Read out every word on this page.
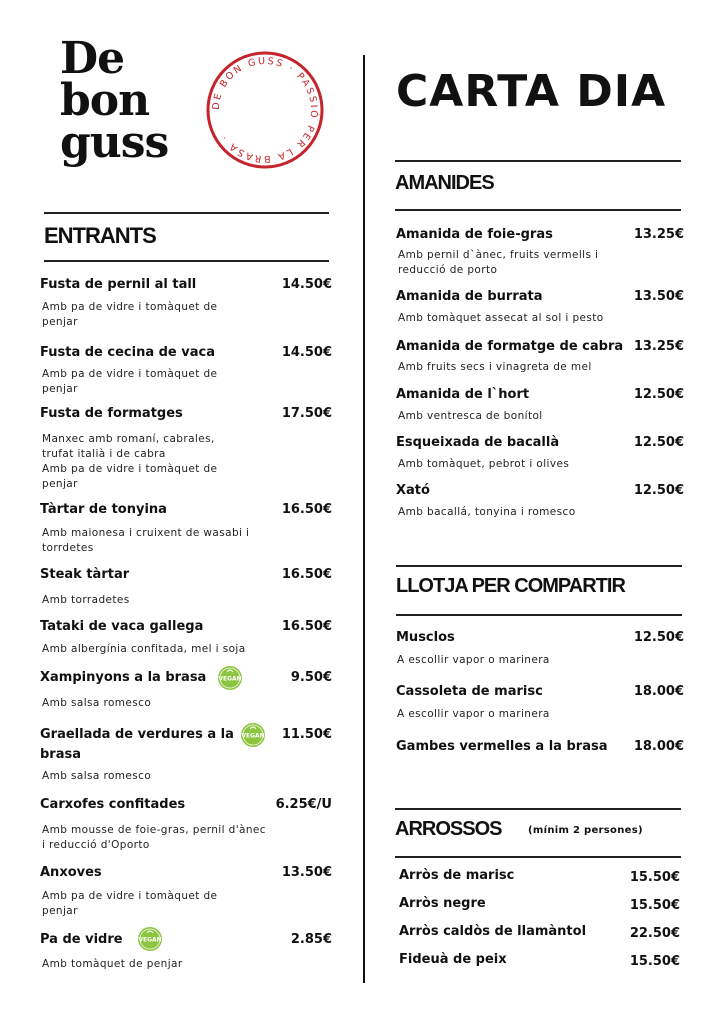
De
bon
guss
DE BON GUSS · PASSIÓ PER LA BRASA ·
ENTRANTS
Fusta de pernil al tall	14.50€
Amb pa de vidre i tomàquet de
penjar
Fusta de cecina de vaca	14.50€
Amb pa de vidre i tomàquet de
penjar
Fusta de formatges	17.50€
Manxec amb romaní, cabrales,
trufat italià i de cabra
Amb pa de vidre i tomàquet de
penjar
Tàrtar de tonyina	16.50€
Amb maionesa i cruixent de wasabi i
torrdetes
Steak tàrtar	16.50€
Amb torradetes
Tataki de vaca gallega	16.50€
Amb albergínia confitada, mel i soja
Xampinyons a la brasa VEGAN	9.50€
Amb salsa romesco
Graellada de verdures a la
brasa
VEGAN	11.50€
Amb salsa romesco
Carxofes confitades	6.25€/U
Amb mousse de foie-gras, pernil d'ànec
i reducció d'Oporto
Anxoves	13.50€
Amb pa de vidre i tomàquet de
penjar
Pa de vidre	VEGAN	2.85€
Amb tomàquet de penjar
CARTA DIA
AMANIDES
Amanida de foie-gras	13.25€
Amb pernil d`ànec, fruits vermells i
reducció de porto
Amanida de burrata	13.50€
Amb tomàquet assecat al sol i pesto
Amanida de formatge de cabra 13.25€
Amb fruits secs i vinagreta de mel
Amanida de l`hort	12.50€
Amb ventresca de bonítol
Esqueixada de bacallà	12.50€
Amb tomàquet, pebrot i olives
Xató	12.50€
Amb bacallá, tonyina i romesco
LLOTJA PER COMPARTIR
Musclos	12.50€
A escollir vapor o marinera
Cassoleta de marisc	18.00€
A escollir vapor o marinera
Gambes vermelles a la brasa	18.00€
ARROSSOS	(mínim 2 persones)
Arròs de marisc	15.50€
Arròs negre	15.50€
Arròs caldòs de llamàntol	22.50€
Fideuà de peix	15.50€
